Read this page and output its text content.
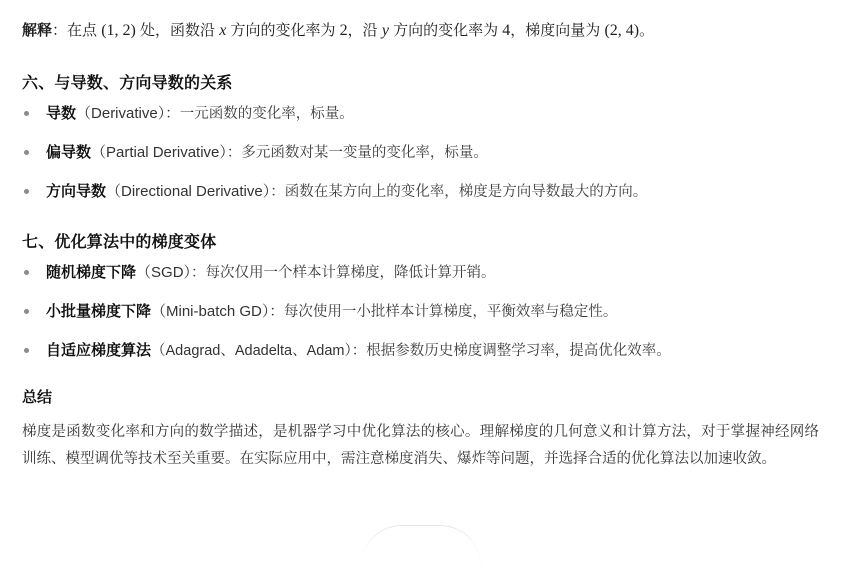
解释：在点 (1, 2) 处，函数沿 x 方向的变化率为 2，沿 y 方向的变化率为 4，梯度向量为 (2, 4)。

六、与导数、方向导数的关系
导数（Derivative）：一元函数的变化率，标量。
偏导数（Partial Derivative）：多元函数对某一变量的变化率，标量。
方向导数（Directional Derivative）：函数在某方向上的变化率，梯度是方向导数最大的方向。
七、优化算法中的梯度变体
随机梯度下降（SGD）：每次仅用一个样本计算梯度，降低计算开销。
小批量梯度下降（Mini-batch GD）：每次使用一小批样本计算梯度，平衡效率与稳定性。
自适应梯度算法（Adagrad、Adadelta、Adam）：根据参数历史梯度调整学习率，提高优化效率。
总结

梯度是函数变化率和方向的数学描述，是机器学习中优化算法的核心。理解梯度的几何意义和计算方法，对于掌握神经网络训练、模型调优等技术至关重要。在实际应用中，需注意梯度消失、爆炸等问题，并选择合适的优化算法以加速收敛。
